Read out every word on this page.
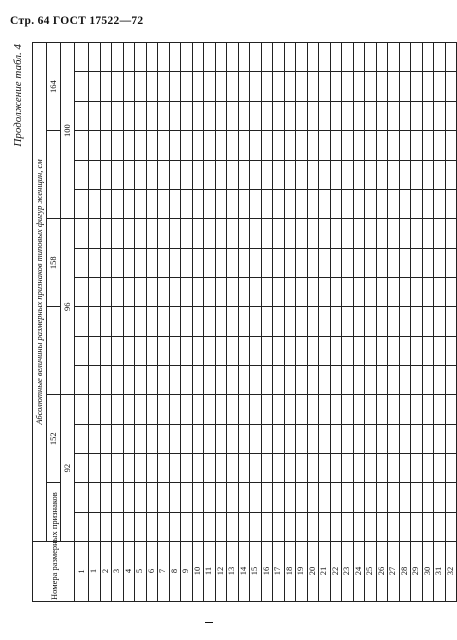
Стр. 64 ГОСТ 17522—72
Продолжение табл. 4
Номера размерных признаков	Абсолютные величины размерных признаков типовых фигур женщин, см																
			152						158						164		
	92					96						100					
1																	
1																	
2																	
3																	
4																	
5																	
6																	
7																	
8																	
9																	
10																	
11																	
12																	
13																	
14																	
15																	
16																	
17																	
18																	
19																	
20																	
21																	
22																	
23																	
24																	
25																	
26																	
27																	
28																	
29																	
30																	
31																	
32																	
